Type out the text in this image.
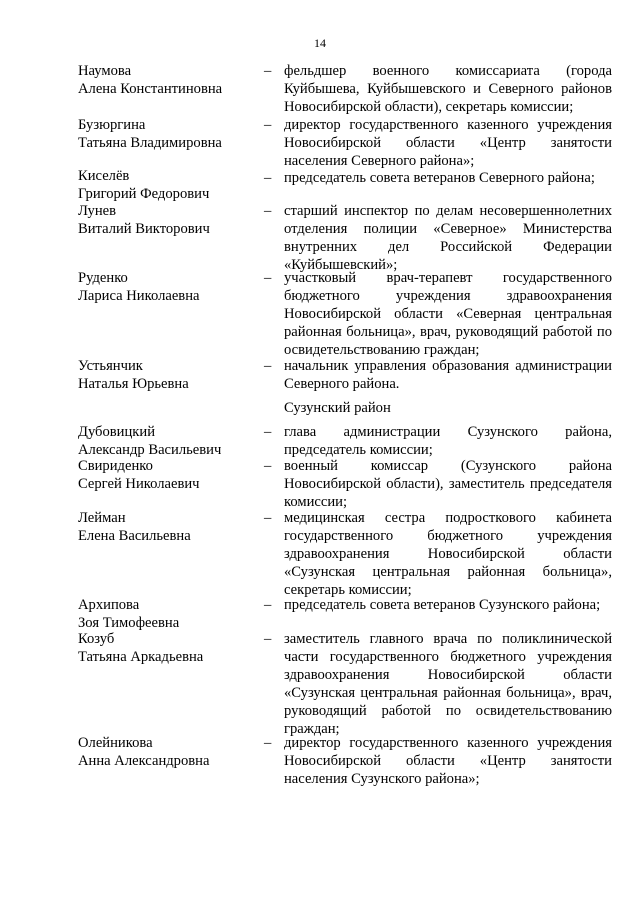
14
Наумова
Алена Константиновна
– фельдшер военного комиссариата (города Куйбышева, Куйбышевского и Северного районов Новосибирской области), секретарь комиссии;
Бузюргина
Татьяна Владимировна
– директор государственного казенного учреждения Новосибирской области «Центр занятости населения Северного района»;
Киселёв
Григорий Федорович
– председатель совета ветеранов Северного района;
Лунев
Виталий Викторович
– старший инспектор по делам несовершеннолетних отделения полиции «Северное» Министерства внутренних дел Российской Федерации «Куйбышевский»;
Руденко
Лариса Николаевна
– участковый врач-терапевт государственного бюджетного учреждения здравоохранения Новосибирской области «Северная центральная районная больница», врач, руководящий работой по освидетельствованию граждан;
Устьянчик
Наталья Юрьевна
– начальник управления образования администрации Северного района.
Сузунский район
Дубовицкий
Александр Васильевич
– глава администрации Сузунского района, председатель комиссии;
Свириденко
Сергей Николаевич
– военный комиссар (Сузунского района Новосибирской области), заместитель председателя комиссии;
Лейман
Елена Васильевна
– медицинская сестра подросткового кабинета государственного бюджетного учреждения здравоохранения Новосибирской области «Сузунская центральная районная больница», секретарь комиссии;
Архипова
Зоя Тимофеевна
– председатель совета ветеранов Сузунского района;
Козуб
Татьяна Аркадьевна
– заместитель главного врача по поликлинической части государственного бюджетного учреждения здравоохранения Новосибирской области «Сузунская центральная районная больница», врач, руководящий работой по освидетельствованию граждан;
Олейникова
Анна Александровна
– директор государственного казенного учреждения Новосибирской области «Центр занятости населения Сузунского района»;
